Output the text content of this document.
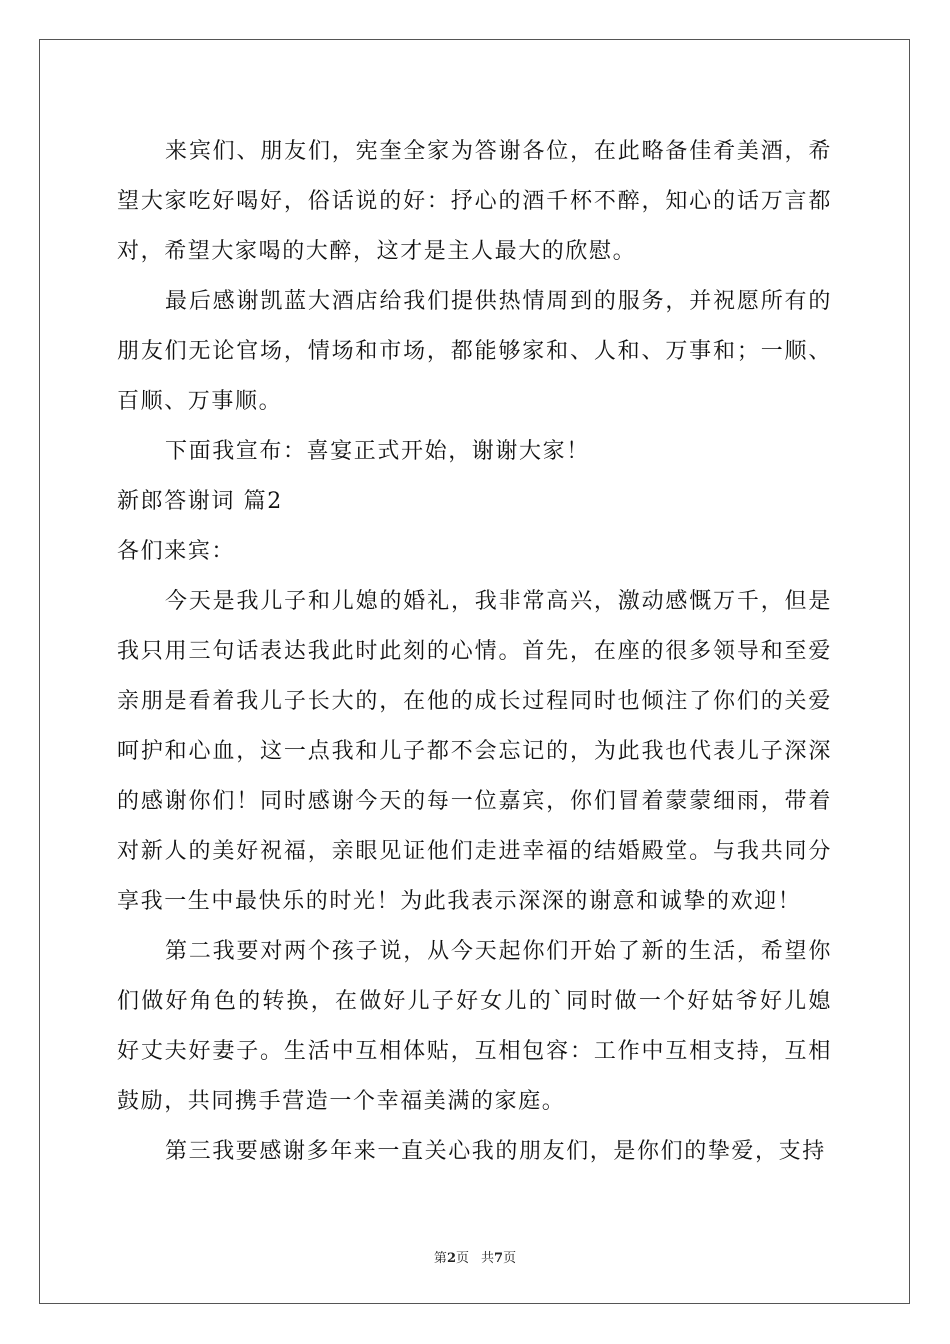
来宾们、朋友们，宪奎全家为答谢各位，在此略备佳肴美酒，希望大家吃好喝好，俗话说的好：抒心的酒千杯不醉，知心的话万言都对，希望大家喝的大醉，这才是主人最大的欣慰。

最后感谢凯蓝大酒店给我们提供热情周到的服务，并祝愿所有的朋友们无论官场，情场和市场，都能够家和、人和、万事和；一顺、百顺、万事顺。

下面我宣布：喜宴正式开始，谢谢大家！

新郎答谢词 篇2

各们来宾：

今天是我儿子和儿媳的婚礼，我非常高兴，激动感慨万千，但是我只用三句话表达我此时此刻的心情。首先，在座的很多领导和至爱亲朋是看着我儿子长大的，在他的成长过程同时也倾注了你们的关爱呵护和心血，这一点我和儿子都不会忘记的，为此我也代表儿子深深的感谢你们！同时感谢今天的每一位嘉宾，你们冒着蒙蒙细雨，带着对新人的美好祝福，亲眼见证他们走进幸福的结婚殿堂。与我共同分享我一生中最快乐的时光！为此我表示深深的谢意和诚挚的欢迎！

第二我要对两个孩子说，从今天起你们开始了新的生活，希望你们做好角色的转换，在做好儿子好女儿的`同时做一个好姑爷好儿媳好丈夫好妻子。生活中互相体贴，互相包容：工作中互相支持，互相鼓励，共同携手营造一个幸福美满的家庭。

第三我要感谢多年来一直关心我的朋友们，是你们的挚爱，支持

第2页 共7页
